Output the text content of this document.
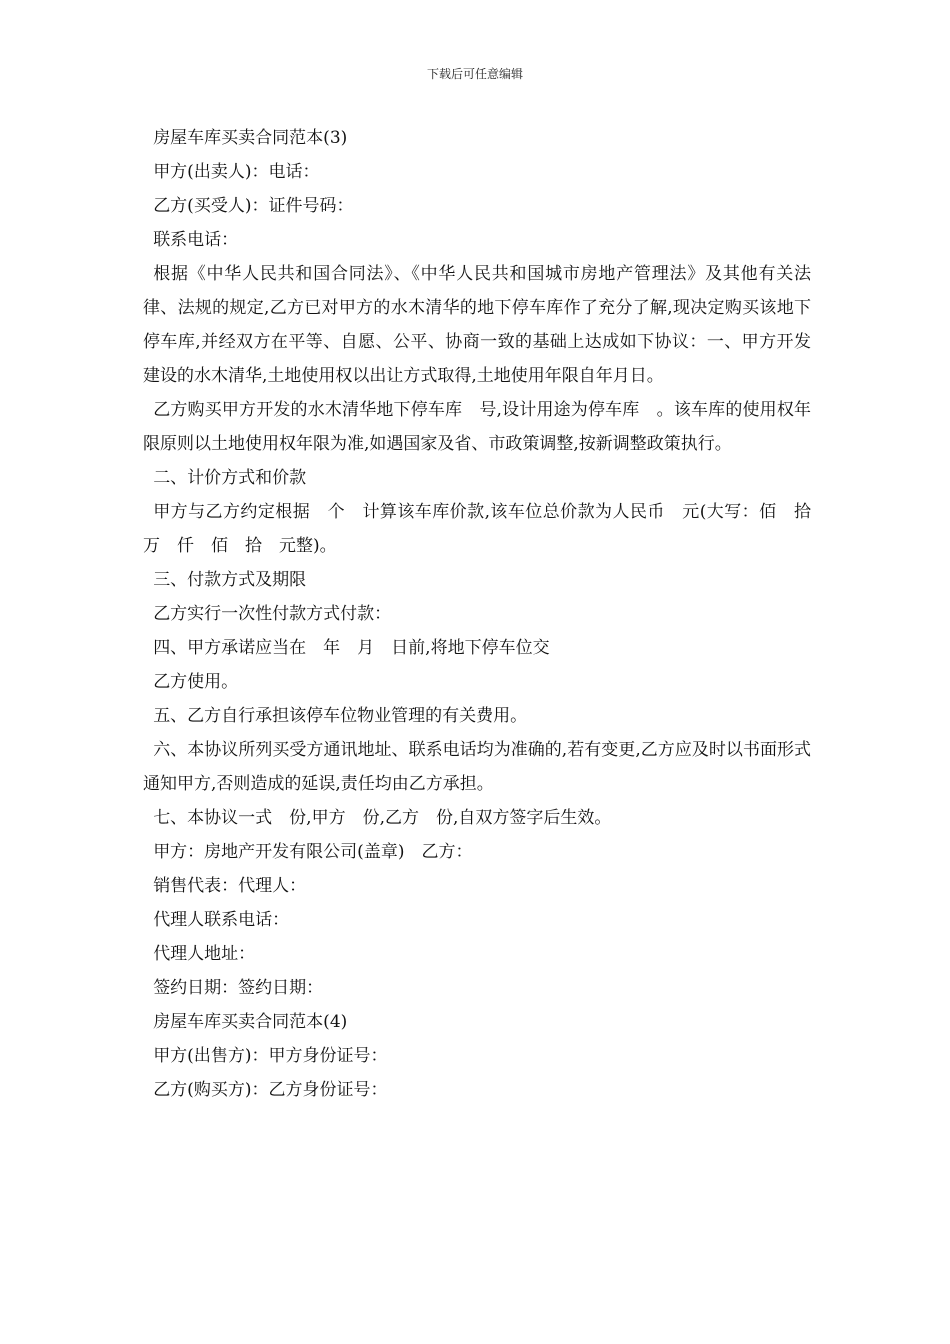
下载后可任意编辑

房屋车库买卖合同范本(3)

甲方(出卖人)：电话：

乙方(买受人)：证件号码：

联系电话：

根据《中华人民共和国合同法》、《中华人民共和国城市房地产管理法》及其他有关法律、法规的规定,乙方已对甲方的水木清华的地下停车库作了充分了解,现决定购买该地下停车库,并经双方在平等、自愿、公平、协商一致的基础上达成如下协议：一、甲方开发建设的水木清华,土地使用权以出让方式取得,土地使用年限自年月日。

乙方购买甲方开发的水木清华地下停车库　号,设计用途为停车库　。该车库的使用权年限原则以土地使用权年限为准,如遇国家及省、市政策调整,按新调整政策执行。

二、计价方式和价款

甲方与乙方约定根据　个　计算该车库价款,该车位总价款为人民币　元(大写：佰　拾　万　仟　佰　拾　元整)。

三、付款方式及期限

乙方实行一次性付款方式付款：

四、甲方承诺应当在　年　月　日前,将地下停车位交

乙方使用。

五、乙方自行承担该停车位物业管理的有关费用。

六、本协议所列买受方通讯地址、联系电话均为准确的,若有变更,乙方应及时以书面形式通知甲方,否则造成的延误,责任均由乙方承担。

七、本协议一式　份,甲方　份,乙方　份,自双方签字后生效。

甲方：房地产开发有限公司(盖章)　乙方：

销售代表：代理人：

代理人联系电话：

代理人地址：

签约日期：签约日期：

房屋车库买卖合同范本(4)

甲方(出售方)：甲方身份证号：

乙方(购买方)：乙方身份证号：
